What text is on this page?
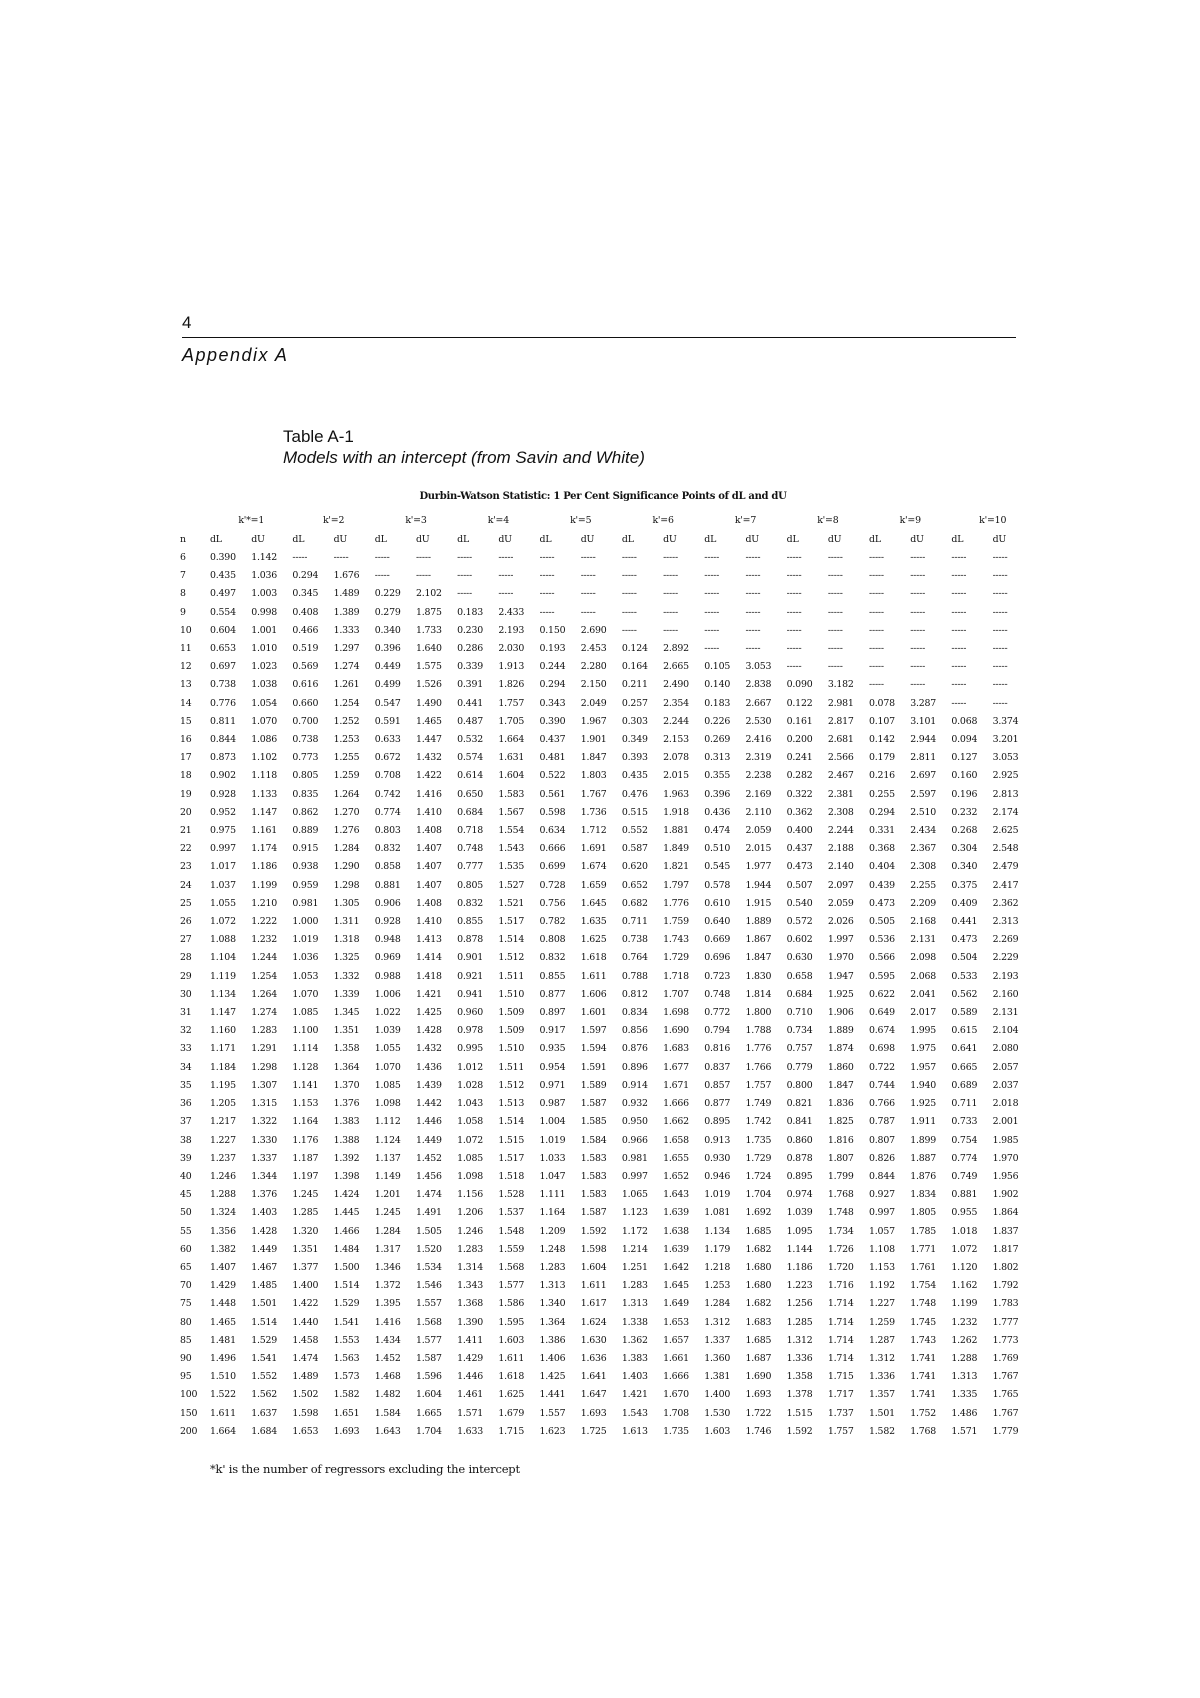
4
Appendix A
Table A-1
Models with an intercept (from Savin and White)
Durbin-Watson Statistic: 1 Per Cent Significance Points of dL and dU
	k'*=1		k'=2		k'=3		k'=4		k'=5		k'=6		k'=7		k'=8		k'=9		k'=10	
n	dL	dU	dL	dU	dL	dU	dL	dU	dL	dU	dL	dU	dL	dU	dL	dU	dL	dU	dL	dU
6	0.390	1.142	-----	-----	-----	-----	-----	-----	-----	-----	-----	-----	-----	-----	-----	-----	-----	-----	-----	-----
7	0.435	1.036	0.294	1.676	-----	-----	-----	-----	-----	-----	-----	-----	-----	-----	-----	-----	-----	-----	-----	-----
8	0.497	1.003	0.345	1.489	0.229	2.102	-----	-----	-----	-----	-----	-----	-----	-----	-----	-----	-----	-----	-----	-----
9	0.554	0.998	0.408	1.389	0.279	1.875	0.183	2.433	-----	-----	-----	-----	-----	-----	-----	-----	-----	-----	-----	-----
10	0.604	1.001	0.466	1.333	0.340	1.733	0.230	2.193	0.150	2.690	-----	-----	-----	-----	-----	-----	-----	-----	-----	-----
11	0.653	1.010	0.519	1.297	0.396	1.640	0.286	2.030	0.193	2.453	0.124	2.892	-----	-----	-----	-----	-----	-----	-----	-----
12	0.697	1.023	0.569	1.274	0.449	1.575	0.339	1.913	0.244	2.280	0.164	2.665	0.105	3.053	-----	-----	-----	-----	-----	-----
13	0.738	1.038	0.616	1.261	0.499	1.526	0.391	1.826	0.294	2.150	0.211	2.490	0.140	2.838	0.090	3.182	-----	-----	-----	-----
14	0.776	1.054	0.660	1.254	0.547	1.490	0.441	1.757	0.343	2.049	0.257	2.354	0.183	2.667	0.122	2.981	0.078	3.287	-----	-----
15	0.811	1.070	0.700	1.252	0.591	1.465	0.487	1.705	0.390	1.967	0.303	2.244	0.226	2.530	0.161	2.817	0.107	3.101	0.068	3.374
16	0.844	1.086	0.738	1.253	0.633	1.447	0.532	1.664	0.437	1.901	0.349	2.153	0.269	2.416	0.200	2.681	0.142	2.944	0.094	3.201
17	0.873	1.102	0.773	1.255	0.672	1.432	0.574	1.631	0.481	1.847	0.393	2.078	0.313	2.319	0.241	2.566	0.179	2.811	0.127	3.053
18	0.902	1.118	0.805	1.259	0.708	1.422	0.614	1.604	0.522	1.803	0.435	2.015	0.355	2.238	0.282	2.467	0.216	2.697	0.160	2.925
19	0.928	1.133	0.835	1.264	0.742	1.416	0.650	1.583	0.561	1.767	0.476	1.963	0.396	2.169	0.322	2.381	0.255	2.597	0.196	2.813
20	0.952	1.147	0.862	1.270	0.774	1.410	0.684	1.567	0.598	1.736	0.515	1.918	0.436	2.110	0.362	2.308	0.294	2.510	0.232	2.174
21	0.975	1.161	0.889	1.276	0.803	1.408	0.718	1.554	0.634	1.712	0.552	1.881	0.474	2.059	0.400	2.244	0.331	2.434	0.268	2.625
22	0.997	1.174	0.915	1.284	0.832	1.407	0.748	1.543	0.666	1.691	0.587	1.849	0.510	2.015	0.437	2.188	0.368	2.367	0.304	2.548
23	1.017	1.186	0.938	1.290	0.858	1.407	0.777	1.535	0.699	1.674	0.620	1.821	0.545	1.977	0.473	2.140	0.404	2.308	0.340	2.479
24	1.037	1.199	0.959	1.298	0.881	1.407	0.805	1.527	0.728	1.659	0.652	1.797	0.578	1.944	0.507	2.097	0.439	2.255	0.375	2.417
25	1.055	1.210	0.981	1.305	0.906	1.408	0.832	1.521	0.756	1.645	0.682	1.776	0.610	1.915	0.540	2.059	0.473	2.209	0.409	2.362
26	1.072	1.222	1.000	1.311	0.928	1.410	0.855	1.517	0.782	1.635	0.711	1.759	0.640	1.889	0.572	2.026	0.505	2.168	0.441	2.313
27	1.088	1.232	1.019	1.318	0.948	1.413	0.878	1.514	0.808	1.625	0.738	1.743	0.669	1.867	0.602	1.997	0.536	2.131	0.473	2.269
28	1.104	1.244	1.036	1.325	0.969	1.414	0.901	1.512	0.832	1.618	0.764	1.729	0.696	1.847	0.630	1.970	0.566	2.098	0.504	2.229
29	1.119	1.254	1.053	1.332	0.988	1.418	0.921	1.511	0.855	1.611	0.788	1.718	0.723	1.830	0.658	1.947	0.595	2.068	0.533	2.193
30	1.134	1.264	1.070	1.339	1.006	1.421	0.941	1.510	0.877	1.606	0.812	1.707	0.748	1.814	0.684	1.925	0.622	2.041	0.562	2.160
31	1.147	1.274	1.085	1.345	1.022	1.425	0.960	1.509	0.897	1.601	0.834	1.698	0.772	1.800	0.710	1.906	0.649	2.017	0.589	2.131
32	1.160	1.283	1.100	1.351	1.039	1.428	0.978	1.509	0.917	1.597	0.856	1.690	0.794	1.788	0.734	1.889	0.674	1.995	0.615	2.104
33	1.171	1.291	1.114	1.358	1.055	1.432	0.995	1.510	0.935	1.594	0.876	1.683	0.816	1.776	0.757	1.874	0.698	1.975	0.641	2.080
34	1.184	1.298	1.128	1.364	1.070	1.436	1.012	1.511	0.954	1.591	0.896	1.677	0.837	1.766	0.779	1.860	0.722	1.957	0.665	2.057
35	1.195	1.307	1.141	1.370	1.085	1.439	1.028	1.512	0.971	1.589	0.914	1.671	0.857	1.757	0.800	1.847	0.744	1.940	0.689	2.037
36	1.205	1.315	1.153	1.376	1.098	1.442	1.043	1.513	0.987	1.587	0.932	1.666	0.877	1.749	0.821	1.836	0.766	1.925	0.711	2.018
37	1.217	1.322	1.164	1.383	1.112	1.446	1.058	1.514	1.004	1.585	0.950	1.662	0.895	1.742	0.841	1.825	0.787	1.911	0.733	2.001
38	1.227	1.330	1.176	1.388	1.124	1.449	1.072	1.515	1.019	1.584	0.966	1.658	0.913	1.735	0.860	1.816	0.807	1.899	0.754	1.985
39	1.237	1.337	1.187	1.392	1.137	1.452	1.085	1.517	1.033	1.583	0.981	1.655	0.930	1.729	0.878	1.807	0.826	1.887	0.774	1.970
40	1.246	1.344	1.197	1.398	1.149	1.456	1.098	1.518	1.047	1.583	0.997	1.652	0.946	1.724	0.895	1.799	0.844	1.876	0.749	1.956
45	1.288	1.376	1.245	1.424	1.201	1.474	1.156	1.528	1.111	1.583	1.065	1.643	1.019	1.704	0.974	1.768	0.927	1.834	0.881	1.902
50	1.324	1.403	1.285	1.445	1.245	1.491	1.206	1.537	1.164	1.587	1.123	1.639	1.081	1.692	1.039	1.748	0.997	1.805	0.955	1.864
55	1.356	1.428	1.320	1.466	1.284	1.505	1.246	1.548	1.209	1.592	1.172	1.638	1.134	1.685	1.095	1.734	1.057	1.785	1.018	1.837
60	1.382	1.449	1.351	1.484	1.317	1.520	1.283	1.559	1.248	1.598	1.214	1.639	1.179	1.682	1.144	1.726	1.108	1.771	1.072	1.817
65	1.407	1.467	1.377	1.500	1.346	1.534	1.314	1.568	1.283	1.604	1.251	1.642	1.218	1.680	1.186	1.720	1.153	1.761	1.120	1.802
70	1.429	1.485	1.400	1.514	1.372	1.546	1.343	1.577	1.313	1.611	1.283	1.645	1.253	1.680	1.223	1.716	1.192	1.754	1.162	1.792
75	1.448	1.501	1.422	1.529	1.395	1.557	1.368	1.586	1.340	1.617	1.313	1.649	1.284	1.682	1.256	1.714	1.227	1.748	1.199	1.783
80	1.465	1.514	1.440	1.541	1.416	1.568	1.390	1.595	1.364	1.624	1.338	1.653	1.312	1.683	1.285	1.714	1.259	1.745	1.232	1.777
85	1.481	1.529	1.458	1.553	1.434	1.577	1.411	1.603	1.386	1.630	1.362	1.657	1.337	1.685	1.312	1.714	1.287	1.743	1.262	1.773
90	1.496	1.541	1.474	1.563	1.452	1.587	1.429	1.611	1.406	1.636	1.383	1.661	1.360	1.687	1.336	1.714	1.312	1.741	1.288	1.769
95	1.510	1.552	1.489	1.573	1.468	1.596	1.446	1.618	1.425	1.641	1.403	1.666	1.381	1.690	1.358	1.715	1.336	1.741	1.313	1.767
100	1.522	1.562	1.502	1.582	1.482	1.604	1.461	1.625	1.441	1.647	1.421	1.670	1.400	1.693	1.378	1.717	1.357	1.741	1.335	1.765
150	1.611	1.637	1.598	1.651	1.584	1.665	1.571	1.679	1.557	1.693	1.543	1.708	1.530	1.722	1.515	1.737	1.501	1.752	1.486	1.767
200	1.664	1.684	1.653	1.693	1.643	1.704	1.633	1.715	1.623	1.725	1.613	1.735	1.603	1.746	1.592	1.757	1.582	1.768	1.571	1.779
*k' is the number of regressors excluding the intercept
